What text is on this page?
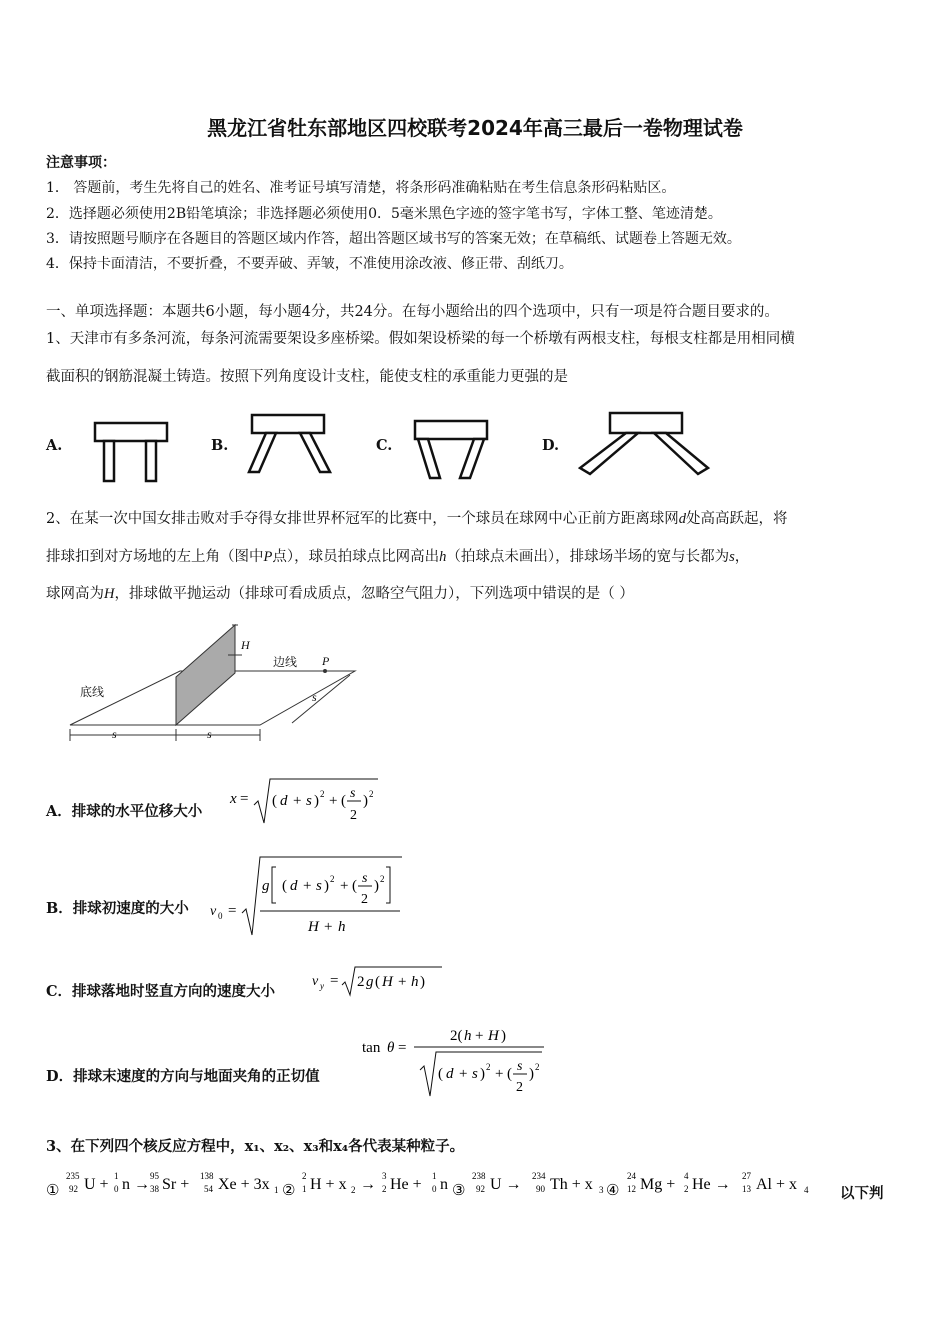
黑龙江省牡东部地区四校联考2024年高三最后一卷物理试卷
注意事项：
1． 答题前，考生先将自己的姓名、准考证号填写清楚，将条形码准确粘贴在考生信息条形码粘贴区。
2．选择题必须使用2B铅笔填涂；非选择题必须使用0．5毫米黑色字迹的签字笔书写，字体工整、笔迹清楚。
3．请按照题号顺序在各题目的答题区域内作答，超出答题区域书写的答案无效；在草稿纸、试题卷上答题无效。
4．保持卡面清洁，不要折叠，不要弄破、弄皱，不准使用涂改液、修正带、刮纸刀。
一、单项选择题：本题共6小题，每小题4分，共24分。在每小题给出的四个选项中，只有一项是符合题目要求的。
1、天津市有多条河流，每条河流需要架设多座桥梁。假如架设桥梁的每一个桥墩有两根支柱，每根支柱都是用相同横
截面积的钢筋混凝土铸造。按照下列角度设计支柱，能使支柱的承重能力更强的是
A.	B.	C.	D.
2、在某一次中国女排击败对手夺得女排世界杯冠军的比赛中，一个球员在球网中心正前方距离球网d处高高跃起，将
排球扣到对方场地的左上角（图中P点），球员拍球点比网高出h（拍球点未画出），排球场半场的宽与长都为s，
球网高为H，排球做平抛运动（排球可看成质点，忽略空气阻力），下列选项中错误的是（ ）
H
边线 P
底线	s
s	s
A．排球的水平位移大小
x = ( d + s ) 2 + ( s
2
) 2
B．排球初速度的大小 v 0 =
g ( d + s ) 2 + ( s
2
) 2
H + h
C．排球落地时竖直方向的速度大小
v y = 2 g ( H + h )
D．排球末速度的方向与地面夹角的正切值
tan θ =
2( h + H )
( d + s ) 2 + ( s
2
) 2
3、在下列四个核反应方程中，x₁、x₂、x₃和x₄各代表某种粒子。
①
235
92 U + 1
0 n → 95
38 Sr + 138
54 Xe + 3x 1 ②
2
1 H + x 2 → 3
2 He + 1
0 n ③
238
92 U → 234
90 Th + x 3 ④
24
12 Mg + 4
2 He → 27
13 Al + x 4 以下判
